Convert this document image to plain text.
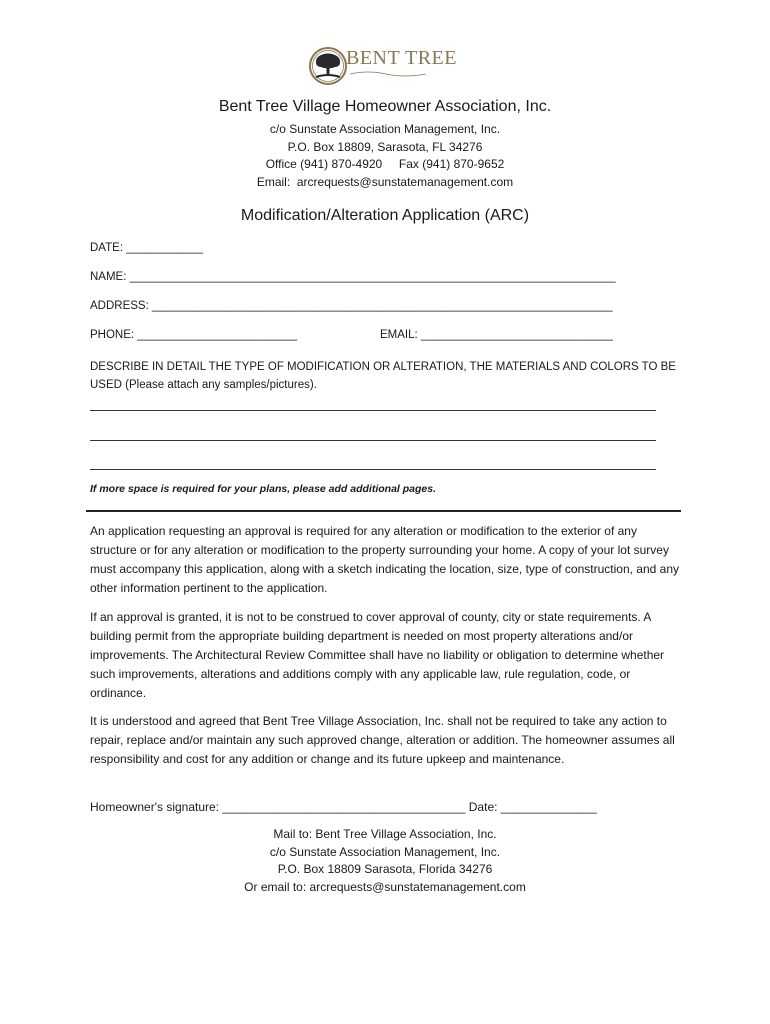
BENT TREE
Bent Tree Village Homeowner Association, Inc.
c/o Sunstate Association Management, Inc.
P.O. Box 18809, Sarasota, FL 34276
Office (941) 870-4920     Fax (941) 870-9652
Email:  arcrequests@sunstatemanagement.com
Modification/Alteration Application (ARC)
DATE: ____________
NAME: ____________________________________________________________________________
ADDRESS: ________________________________________________________________________
PHONE: _________________________	EMAIL: ______________________________
DESCRIBE IN DETAIL THE TYPE OF MODIFICATION OR ALTERATION, THE MATERIALS AND COLORS TO BE USED (Please attach any samples/pictures).
If more space is required for your plans, please add additional pages.
An application requesting an approval is required for any alteration or modification to the exterior of any structure or for any alteration or modification to the property surrounding your home. A copy of your lot survey must accompany this application, along with a sketch indicating the location, size, type of construction, and any other information pertinent to the application.
If an approval is granted, it is not to be construed to cover approval of county, city or state requirements. A building permit from the appropriate building department is needed on most property alterations and/or improvements. The Architectural Review Committee shall have no liability or obligation to determine whether such improvements, alterations and additions comply with any applicable law, rule regulation, code, or ordinance.
It is understood and agreed that Bent Tree Village Association, Inc. shall not be required to take any action to repair, replace and/or maintain any such approved change, alteration or addition. The homeowner assumes all responsibility and cost for any addition or change and its future upkeep and maintenance.
Homeowner's signature: ______________________________________ Date: _______________
Mail to: Bent Tree Village Association, Inc.
c/o Sunstate Association Management, Inc.
P.O. Box 18809 Sarasota, Florida 34276
Or email to: arcrequests@sunstatemanagement.com
